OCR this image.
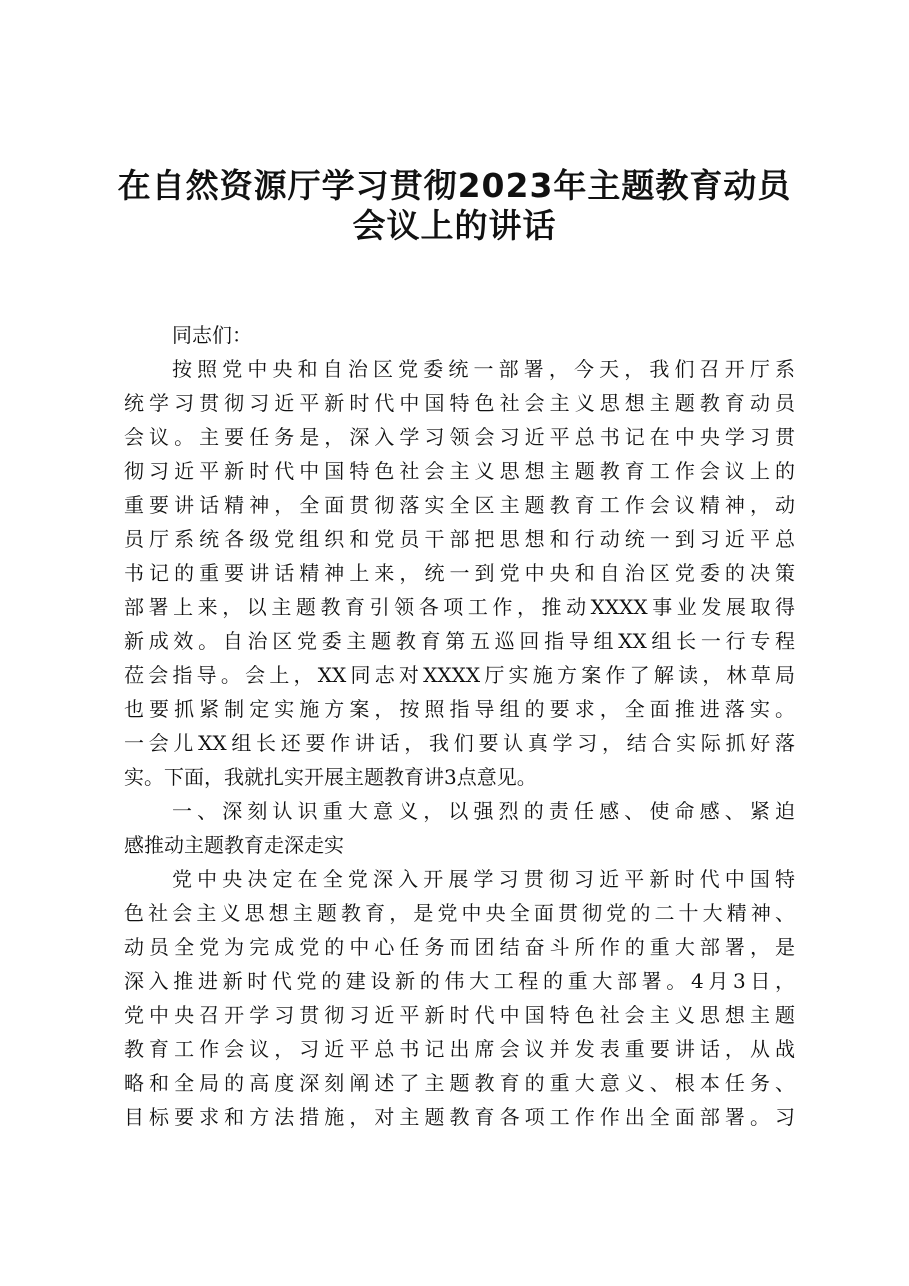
在自然资源厅学习贯彻2023年主题教育动员
会议上的讲话
同志们：
按照党中央和自治区党委统一部署，今天，我们召开厅系
统学习贯彻习近平新时代中国特色社会主义思想主题教育动员
会议。主要任务是，深入学习领会习近平总书记在中央学习贯
彻习近平新时代中国特色社会主义思想主题教育工作会议上的
重要讲话精神，全面贯彻落实全区主题教育工作会议精神，动
员厅系统各级党组织和党员干部把思想和行动统一到习近平总
书记的重要讲话精神上来，统一到党中央和自治区党委的决策
部署上来，以主题教育引领各项工作，推动XXXX事业发展取得
新成效。自治区党委主题教育第五巡回指导组XX组长一行专程
莅会指导。会上，XX同志对XXXX厅实施方案作了解读，林草局
也要抓紧制定实施方案，按照指导组的要求，全面推进落实。
一会儿XX组长还要作讲话，我们要认真学习，结合实际抓好落
实。下面，我就扎实开展主题教育讲3点意见。
一、深刻认识重大意义，以强烈的责任感、使命感、紧迫
感推动主题教育走深走实
党中央决定在全党深入开展学习贯彻习近平新时代中国特
色社会主义思想主题教育，是党中央全面贯彻党的二十大精神、
动员全党为完成党的中心任务而团结奋斗所作的重大部署，是
深入推进新时代党的建设新的伟大工程的重大部署。4月3日，
党中央召开学习贯彻习近平新时代中国特色社会主义思想主题
教育工作会议，习近平总书记出席会议并发表重要讲话，从战
略和全局的高度深刻阐述了主题教育的重大意义、根本任务、
目标要求和方法措施，对主题教育各项工作作出全面部署。习
